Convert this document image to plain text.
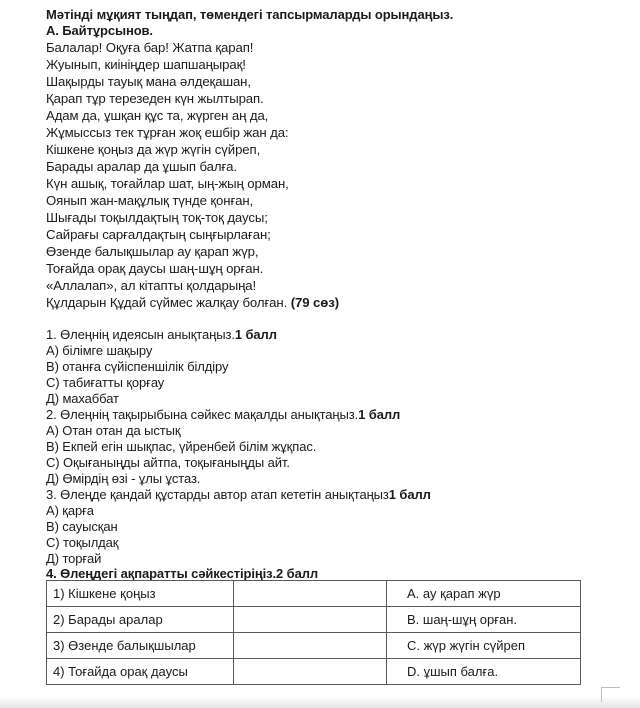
Мәтінді мұқият тыңдап, төмендегі тапсырмаларды орындаңыз.
А. Байтұрсынов.
Балалар! Оқуға бар! Жатпа қарап!
Жуынып, киініңдер шапшаңырақ!
Шақырды тауық мана әлдеқашан,
Қарап тұр терезеден күн жылтырап.
Адам да, ұшқан құс та, жүрген аң да,
Жұмыссыз тек тұрған жоқ ешбір жан да:
Кішкене қоңыз да жүр жүгін сүйреп,
Барады аралар да ұшып балға.
Күн ашық, тоғайлар шат, ың-жың орман,
Оянып жан-мақұлық түнде қонған,
Шығады тоқылдақтың тоқ-тоқ даусы;
Сайрағы сарғалдақтың сыңғырлаған;
Өзенде балықшылар ау қарап жүр,
Тоғайда орақ даусы шаң-шұң орған.
«Аллалап», ал кітапты қолдарыңа!
Құлдарын Құдай сүймес жалқау болған. (79 сөз)
1. Өлеңнің идеясын анықтаңыз.1 балл
А) білімге шақыру
В) отанға сүйіспеншілік білдіру
С) табиғатты қорғау
Д) махаббат
2. Өлеңнің тақырыбына сәйкес мақалды анықтаңыз.1 балл
А) Отан отан да ыстық
В) Екпей егін шықпас, үйренбей білім жұқпас.
С) Оқығаныңды айтпа, тоқығаныңды айт.
Д) Өмірдің өзі - ұлы ұстаз.
3. Өлеңде қандай құстарды автор атап кететін анықтаңыз1 балл
А) қарға
В) сауысқан
С) тоқылдақ
Д) торғай
4. Өлеңдегі ақпаратты сәйкестіріңіз.2 балл
1) Кішкене қоңыз		А. ау қарап жүр
2) Барады аралар		В. шаң-шұң орған.
3) Өзенде балықшылар		С. жүр жүгін сүйреп
4) Тоғайда орақ даусы		D. ұшып балға.
